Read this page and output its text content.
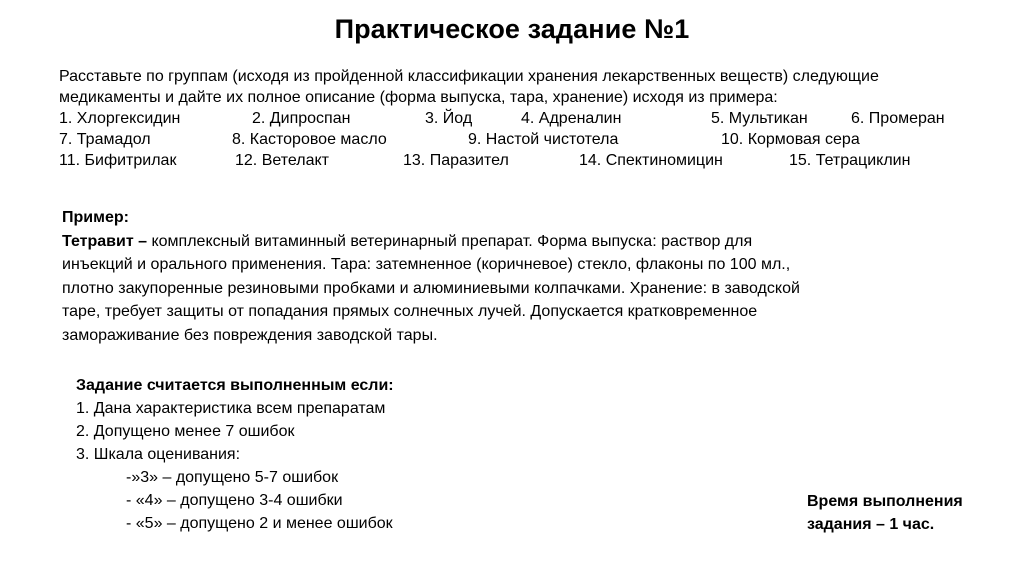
Практическое задание №1

Расставьте по группам (исходя из пройденной классификации хранения лекарственных веществ) следующие

медикаменты и дайте их полное описание (форма выпуска, тара, хранение) исходя из примера:

1. Хлоргексидин	2. Дипроспан	3. Йод	4. Адреналин	5. Мультикан	6. Промеран
7. Трамадол	8. Касторовое масло	9. Настой чистотела	10. Кормовая сера
11. Бифитрилак	12. Ветелакт	13. Паразител	14. Спектиномицин	15. Тетрациклин

Пример:

Тетравит – комплексный витаминный ветеринарный препарат. Форма выпуска: раствор для

инъекций и орального применения. Тара: затемненное (коричневое) стекло, флаконы по 100 мл.,

плотно закупоренные резиновыми пробками и алюминиевыми колпачками. Хранение: в заводской

таре, требует защиты от попадания прямых солнечных лучей. Допускается кратковременное

замораживание без повреждения заводской тары.

Задание считается выполненным если:

1. Дана характеристика всем препаратам

2. Допущено менее 7 ошибок

3. Шкала оценивания:

-»3» – допущено 5-7 ошибок

- «4» – допущено 3-4 ошибки

- «5» – допущено 2 и менее ошибок

Время выполнения

задания – 1 час.
